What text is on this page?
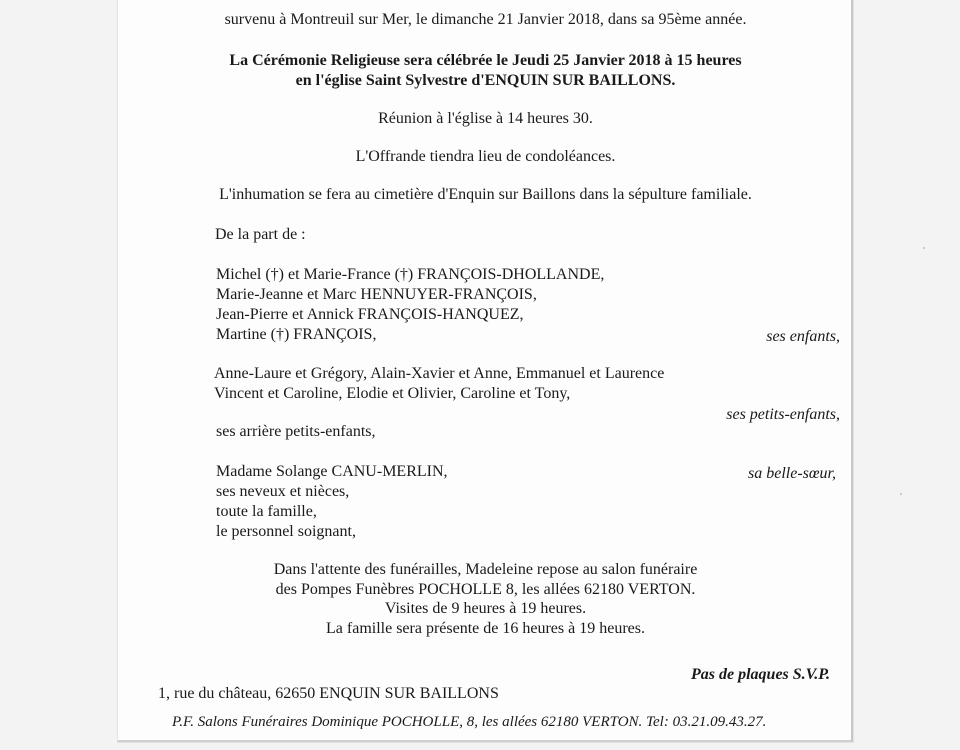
survenu à Montreuil sur Mer, le dimanche 21 Janvier 2018, dans sa 95ème année.
La Cérémonie Religieuse sera célébrée le Jeudi 25 Janvier 2018 à 15 heures
en l'église Saint Sylvestre d'ENQUIN SUR BAILLONS.
Réunion à l'église à 14 heures 30.
L'Offrande tiendra lieu de condoléances.
L'inhumation se fera au cimetière d'Enquin sur Baillons dans la sépulture familiale.
De la part de :
Michel (†) et Marie-France (†) FRANÇOIS-DHOLLANDE,
Marie-Jeanne et Marc HENNUYER-FRANÇOIS,
Jean-Pierre et Annick FRANÇOIS-HANQUEZ,
Martine (†) FRANÇOIS,	ses enfants,
Anne-Laure et Grégory, Alain-Xavier et Anne, Emmanuel et Laurence
Vincent et Caroline, Elodie et Olivier, Caroline et Tony,
ses petits-enfants,
ses arrière petits-enfants,
Madame Solange CANU-MERLIN,	sa belle-sœur,
ses neveux et nièces,
toute la famille,
le personnel soignant,
Dans l'attente des funérailles, Madeleine repose au salon funéraire
des Pompes Funèbres POCHOLLE 8, les allées 62180 VERTON.
Visites de 9 heures à 19 heures.
La famille sera présente de 16 heures à 19 heures.
Pas de plaques S.V.P.
1, rue du château, 62650 ENQUIN SUR BAILLONS
P.F. Salons Funéraires Dominique POCHOLLE, 8, les allées 62180 VERTON. Tel: 03.21.09.43.27.
